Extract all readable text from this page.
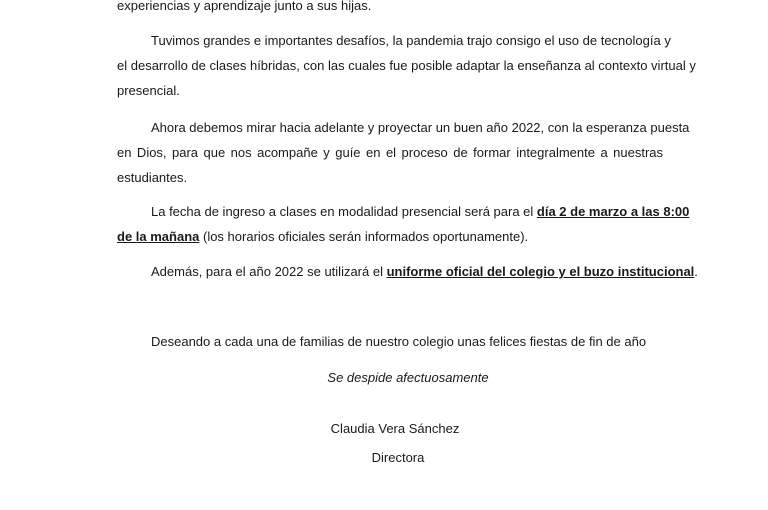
experiencias y aprendizaje junto a sus hijas.
Tuvimos grandes e importantes desafíos, la pandemia trajo consigo el uso de tecnología y
el desarrollo de clases híbridas, con las cuales fue posible adaptar la enseñanza al contexto virtual y
presencial.
Ahora debemos mirar hacia adelante y proyectar un buen año 2022, con la esperanza puesta
en Dios, para que nos acompañe y guíe en el proceso de formar integralmente a nuestras
estudiantes.
La fecha de ingreso a clases en modalidad presencial será para el día 2 de marzo a las 8:00
de la mañana (los horarios oficiales serán informados oportunamente).
Además, para el año 2022 se utilizará el uniforme oficial del colegio y el buzo institucional.
Deseando a cada una de familias de nuestro colegio unas felices fiestas de fin de año
Se despide afectuosamente
Claudia Vera Sánchez
Directora
